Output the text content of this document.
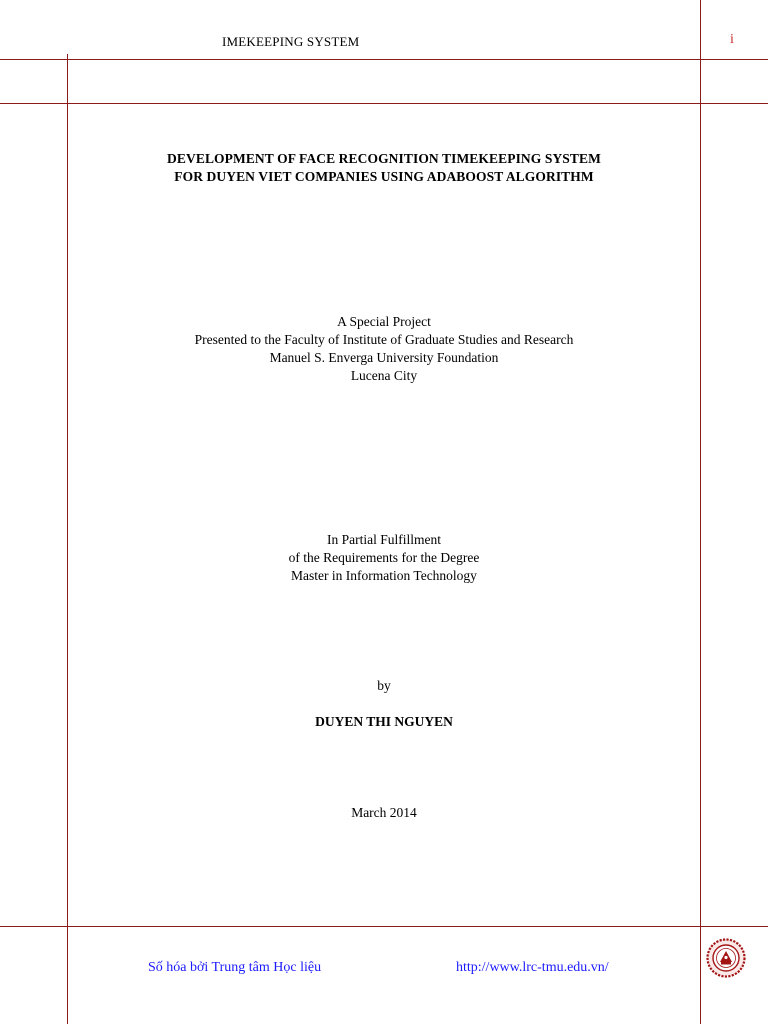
IMEKEEPING SYSTEM	i
DEVELOPMENT OF FACE RECOGNITION TIMEKEEPING SYSTEM
FOR DUYEN VIET COMPANIES USING ADABOOST ALGORITHM
A Special Project
Presented to the Faculty of Institute of Graduate Studies and Research
Manuel S. Enverga University Foundation
Lucena City
In Partial Fulfillment
of the Requirements for the Degree
Master in Information Technology
by
DUYEN THI NGUYEN
March 2014
Số hóa bởi Trung tâm Học liệu	http://www.lrc-tmu.edu.vn/
